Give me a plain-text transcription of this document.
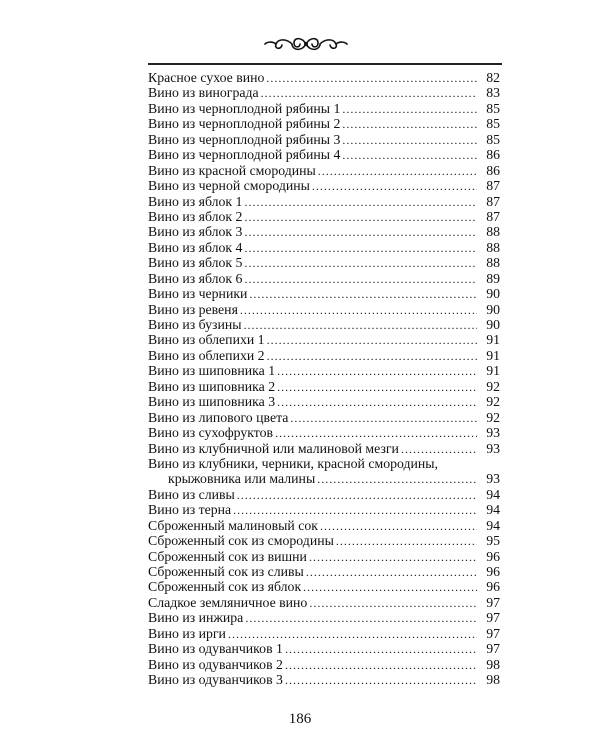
Красное сухое вино . . .	82
Вино из винограда . . .	83
Вино из черноплодной рябины 1 . . .	85
Вино из черноплодной рябины 2 . . .	85
Вино из черноплодной рябины 3 . . .	85
Вино из черноплодной рябины 4 . . .	86
Вино из красной смородины . . .	86
Вино из черной смородины . . .	87
Вино из яблок 1 . . .	87
Вино из яблок 2 . . .	87
Вино из яблок 3 . . .	88
Вино из яблок 4 . . .	88
Вино из яблок 5 . . .	88
Вино из яблок 6 . . .	89
Вино из черники . . .	90
Вино из ревеня . . .	90
Вино из бузины . . .	90
Вино из облепихи 1 . . .	91
Вино из облепихи 2 . . .	91
Вино из шиповника 1 . . .	91
Вино из шиповника 2 . . .	92
Вино из шиповника 3 . . .	92
Вино из липового цвета . . .	92
Вино из сухофруктов . . .	93
Вино из клубничной или малиновой мезги . . .	93
Вино из клубники, черники, красной смородины,
крыжовника или малины . . .	93
Вино из сливы . . .	94
Вино из терна . . .	94
Сброженный малиновый сок . . .	94
Сброженный сок из смородины . . .	95
Сброженный сок из вишни . . .	96
Сброженный сок из сливы . . .	96
Сброженный сок из яблок . . .	96
Сладкое земляничное вино . . .	97
Вино из инжира . . .	97
Вино из ирги . . .	97
Вино из одуванчиков 1 . . .	97
Вино из одуванчиков 2 . . .	98
Вино из одуванчиков 3 . . .	98
186
